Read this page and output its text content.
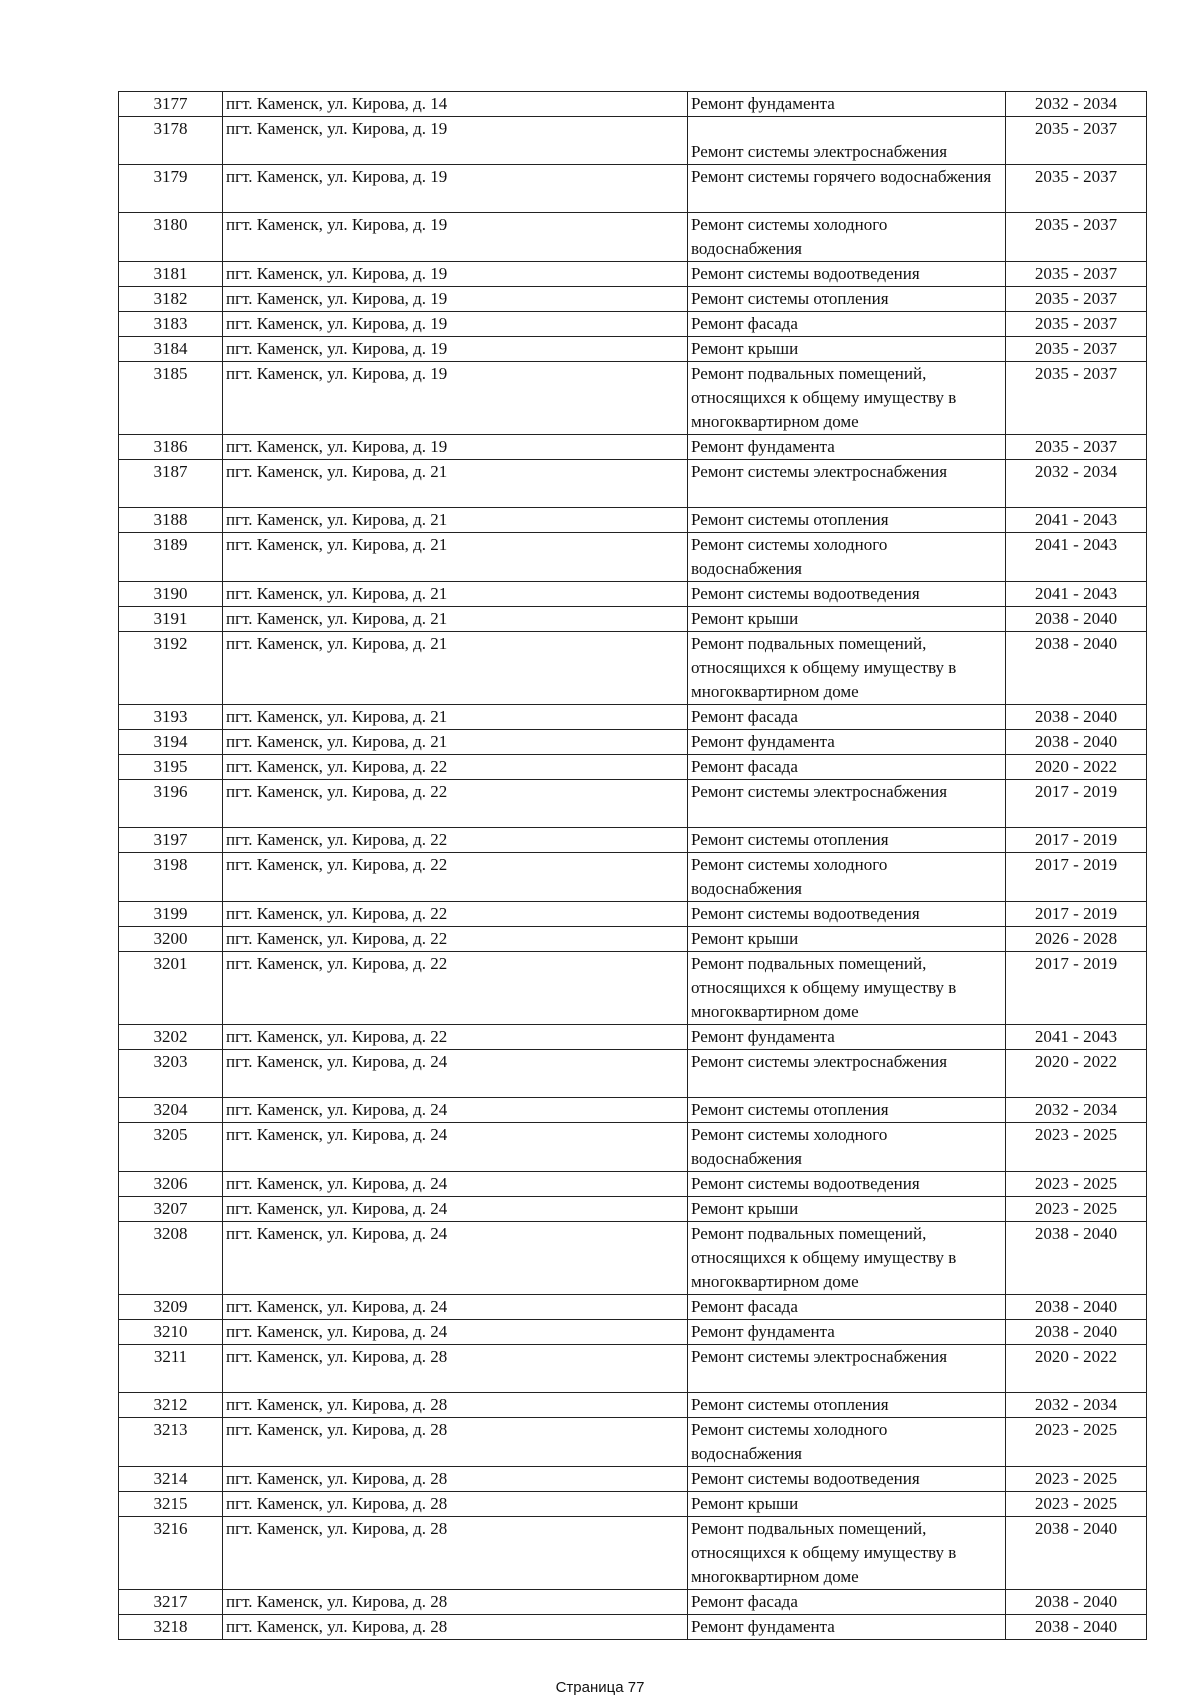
3177	пгт. Каменск, ул. Кирова, д. 14	Ремонт фундамента	2032 - 2034
3178	пгт. Каменск, ул. Кирова, д. 19	Ремонт системы электроснабжения	2035 - 2037
3179	пгт. Каменск, ул. Кирова, д. 19	Ремонт системы горячего водоснабжения	2035 - 2037
3180	пгт. Каменск, ул. Кирова, д. 19	Ремонт системы холодного водоснабжения	2035 - 2037
3181	пгт. Каменск, ул. Кирова, д. 19	Ремонт системы водоотведения	2035 - 2037
3182	пгт. Каменск, ул. Кирова, д. 19	Ремонт системы отопления	2035 - 2037
3183	пгт. Каменск, ул. Кирова, д. 19	Ремонт фасада	2035 - 2037
3184	пгт. Каменск, ул. Кирова, д. 19	Ремонт крыши	2035 - 2037
3185	пгт. Каменск, ул. Кирова, д. 19	Ремонт подвальных помещений, относящихся к общему имуществу в многоквартирном доме	2035 - 2037
3186	пгт. Каменск, ул. Кирова, д. 19	Ремонт фундамента	2035 - 2037
3187	пгт. Каменск, ул. Кирова, д. 21	Ремонт системы электроснабжения	2032 - 2034
3188	пгт. Каменск, ул. Кирова, д. 21	Ремонт системы отопления	2041 - 2043
3189	пгт. Каменск, ул. Кирова, д. 21	Ремонт системы холодного водоснабжения	2041 - 2043
3190	пгт. Каменск, ул. Кирова, д. 21	Ремонт системы водоотведения	2041 - 2043
3191	пгт. Каменск, ул. Кирова, д. 21	Ремонт крыши	2038 - 2040
3192	пгт. Каменск, ул. Кирова, д. 21	Ремонт подвальных помещений, относящихся к общему имуществу в многоквартирном доме	2038 - 2040
3193	пгт. Каменск, ул. Кирова, д. 21	Ремонт фасада	2038 - 2040
3194	пгт. Каменск, ул. Кирова, д. 21	Ремонт фундамента	2038 - 2040
3195	пгт. Каменск, ул. Кирова, д. 22	Ремонт фасада	2020 - 2022
3196	пгт. Каменск, ул. Кирова, д. 22	Ремонт системы электроснабжения	2017 - 2019
3197	пгт. Каменск, ул. Кирова, д. 22	Ремонт системы отопления	2017 - 2019
3198	пгт. Каменск, ул. Кирова, д. 22	Ремонт системы холодного водоснабжения	2017 - 2019
3199	пгт. Каменск, ул. Кирова, д. 22	Ремонт системы водоотведения	2017 - 2019
3200	пгт. Каменск, ул. Кирова, д. 22	Ремонт крыши	2026 - 2028
3201	пгт. Каменск, ул. Кирова, д. 22	Ремонт подвальных помещений, относящихся к общему имуществу в многоквартирном доме	2017 - 2019
3202	пгт. Каменск, ул. Кирова, д. 22	Ремонт фундамента	2041 - 2043
3203	пгт. Каменск, ул. Кирова, д. 24	Ремонт системы электроснабжения	2020 - 2022
3204	пгт. Каменск, ул. Кирова, д. 24	Ремонт системы отопления	2032 - 2034
3205	пгт. Каменск, ул. Кирова, д. 24	Ремонт системы холодного водоснабжения	2023 - 2025
3206	пгт. Каменск, ул. Кирова, д. 24	Ремонт системы водоотведения	2023 - 2025
3207	пгт. Каменск, ул. Кирова, д. 24	Ремонт крыши	2023 - 2025
3208	пгт. Каменск, ул. Кирова, д. 24	Ремонт подвальных помещений, относящихся к общему имуществу в многоквартирном доме	2038 - 2040
3209	пгт. Каменск, ул. Кирова, д. 24	Ремонт фасада	2038 - 2040
3210	пгт. Каменск, ул. Кирова, д. 24	Ремонт фундамента	2038 - 2040
3211	пгт. Каменск, ул. Кирова, д. 28	Ремонт системы электроснабжения	2020 - 2022
3212	пгт. Каменск, ул. Кирова, д. 28	Ремонт системы отопления	2032 - 2034
3213	пгт. Каменск, ул. Кирова, д. 28	Ремонт системы холодного водоснабжения	2023 - 2025
3214	пгт. Каменск, ул. Кирова, д. 28	Ремонт системы водоотведения	2023 - 2025
3215	пгт. Каменск, ул. Кирова, д. 28	Ремонт крыши	2023 - 2025
3216	пгт. Каменск, ул. Кирова, д. 28	Ремонт подвальных помещений, относящихся к общему имуществу в многоквартирном доме	2038 - 2040
3217	пгт. Каменск, ул. Кирова, д. 28	Ремонт фасада	2038 - 2040
3218	пгт. Каменск, ул. Кирова, д. 28	Ремонт фундамента	2038 - 2040
Страница 77
